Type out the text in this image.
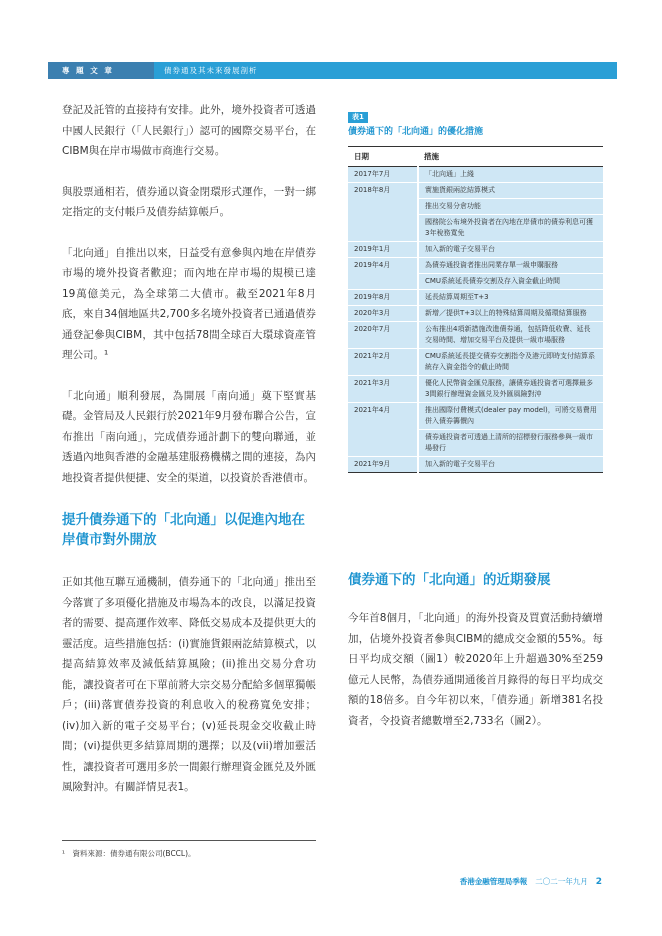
專 題 文 章	債券通及其未來發展剖析

登記及託管的直接持有安排。此外，境外投資者可透過中國人民銀行（「人民銀行」）認可的國際交易平台，在CIBM與在岸市場做市商進行交易。

與股票通相若，債券通以資金閉環形式運作，一對一綁定指定的支付帳戶及債券結算帳戶。

「北向通」自推出以來，日益受有意參與內地在岸債券市場的境外投資者歡迎；而內地在岸市場的規模已達19萬億美元，為全球第二大債市。截至2021年8月底，來自34個地區共2,700多名境外投資者已通過債券通登記參與CIBM，其中包括78間全球百大環球資產管理公司。¹

「北向通」順利發展，為開展「南向通」奠下堅實基礎。金管局及人民銀行於2021年9月發布聯合公告，宣布推出「南向通」，完成債券通計劃下的雙向聯通，並透過內地與香港的金融基建服務機構之間的連接，為內地投資者提供便捷、安全的渠道，以投資於香港債市。

提升債券通下的「北向通」以促進內地在岸債市對外開放

正如其他互聯互通機制，債券通下的「北向通」推出至今落實了多項優化措施及市場為本的改良，以滿足投資者的需要、提高運作效率、降低交易成本及提供更大的靈活度。這些措施包括：(i)實施貨銀兩訖結算模式，以提高結算效率及減低結算風險；(ii)推出交易分倉功能，讓投資者可在下單前將大宗交易分配給多個單獨帳戶；(iii)落實債券投資的利息收入的稅務寬免安排；(iv)加入新的電子交易平台；(v)延長現金交收截止時間；(vi)提供更多結算周期的選擇；以及(vii)增加靈活性，讓投資者可選用多於一間銀行辦理資金匯兑及外匯風險對沖。有關詳情見表1。

¹　資料來源：債券通有限公司(BCCL)。
表1
債券通下的「北向通」的優化措施
日期	措施
2017年7月	「北向通」上綫
2018年8月	實施貨銀兩訖結算模式
	推出交易分倉功能
	國務院公布境外投資者在內地在岸債市的債券利息可獲3年稅務寬免
2019年1月	加入新的電子交易平台
2019年4月	為債券通投資者推出同業存單一級申購服務
	CMU系統延長債券交割及存入資金截止時間
2019年8月	延長結算周期至T+3
2020年3月	新增／提供T+3以上的特殊結算周期及循環結算服務
2020年7月	公布推出4項新措施改進債券通，包括降低收費、延長交易時間、增加交易平台及提供一級市場服務
2021年2月	CMU系統延長提交債券交割指令及港元即時支付結算系統存入資金指令的截止時間
2021年3月	優化人民幣資金匯兑服務，讓債券通投資者可選擇最多3間銀行辦理資金匯兑及外匯風險對沖
2021年4月	推出國際付費模式(dealer pay model)，可將交易費用併入債券籌價內
	債券通投資者可透過上清所的招標發行服務參與一級市場發行
2021年9月	加入新的電子交易平台
債券通下的「北向通」的近期發展

今年首8個月，「北向通」的海外投資及買賣活動持續增加，佔境外投資者參與CIBM的總成交金額的55%。每日平均成交額（圖1）較2020年上升超過30%至259億元人民幣，為債券通開通後首月錄得的每日平均成交額的18倍多。自今年初以來，「債券通」新增381名投資者，令投資者總數增至2,733名（圖2）。

香港金融管理局季報 二〇二一年九月 2
